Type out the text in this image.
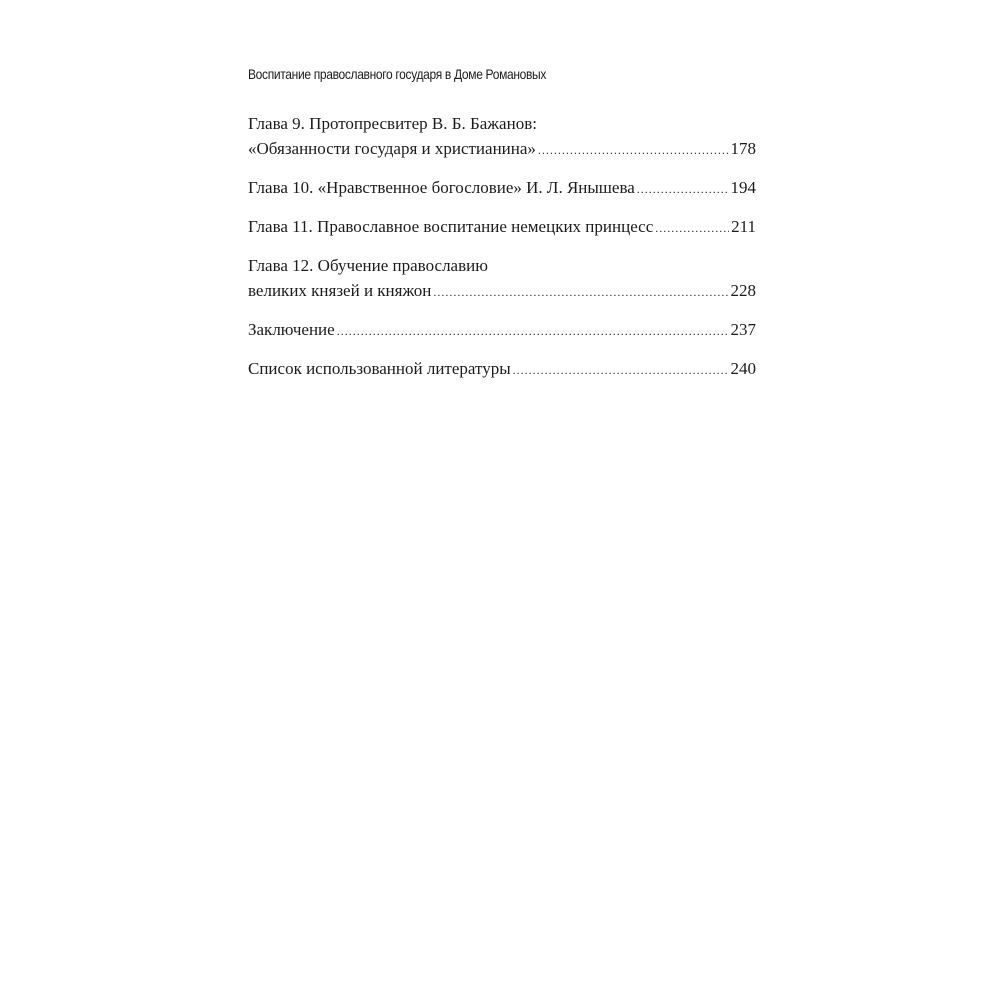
Воспитание православного государя в Доме Романовых
Глава 9. Протопресвитер В. Б. Бажанов:
«Обязанности государя и христианина» .....	178
Глава 10. «Нравственное богословие» И. Л. Янышева .....	194
Глава 11. Православное воспитание немецких принцесс .....	211
Глава 12. Обучение православию
великих князей и княжон .....	228
Заключение .....	237
Список использованной литературы .....	240
